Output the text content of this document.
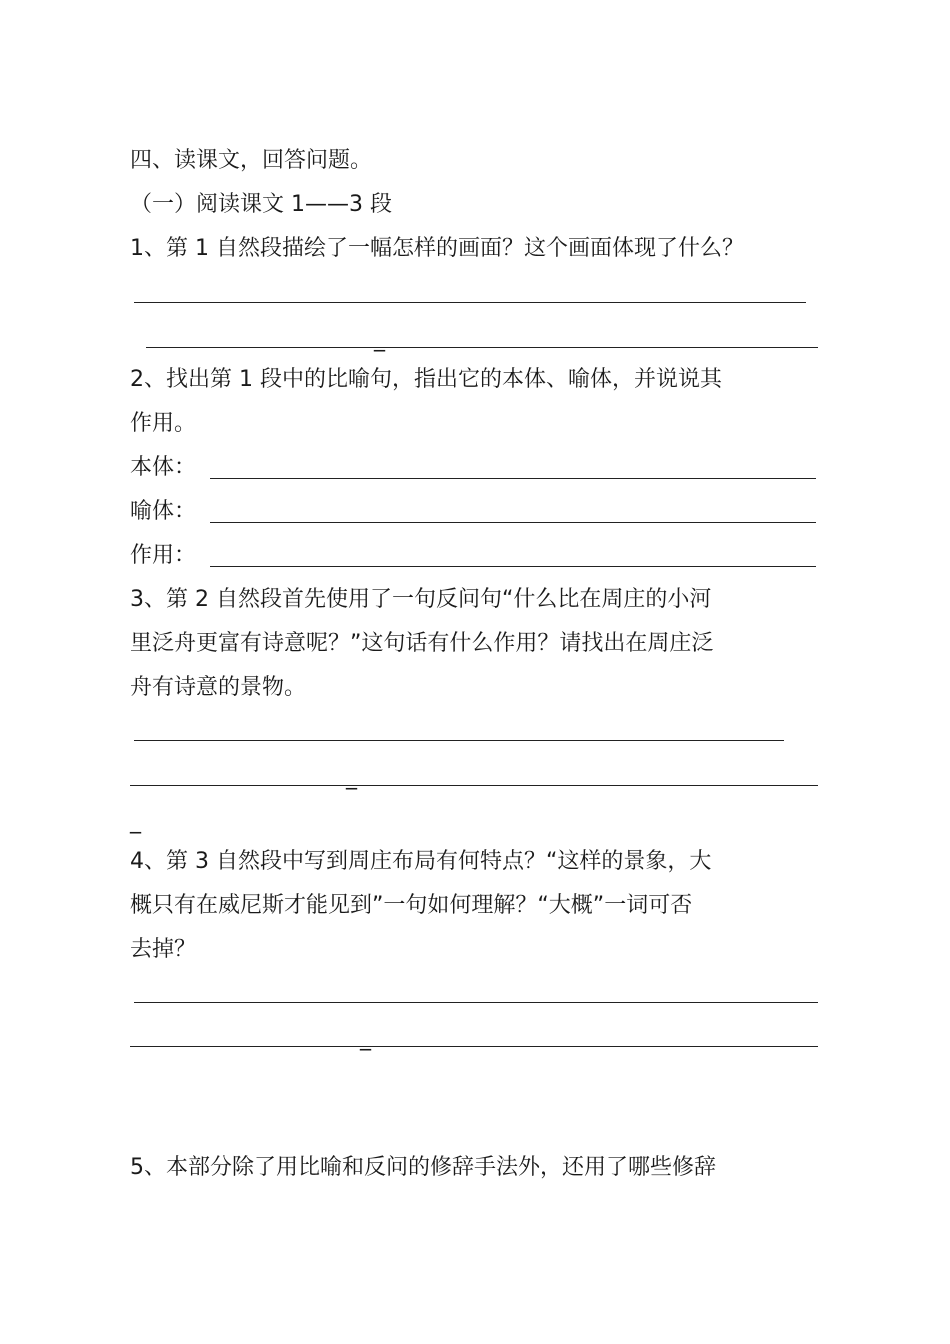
四、读课文，回答问题。
（一）阅读课文 1——3 段
1、第 1 自然段描绘了一幅怎样的画面？这个画面体现了什么？
_
2、找出第 1 段中的比喻句，指出它的本体、喻体，并说说其
作用。
本体：
喻体：
作用：
3、第 2 自然段首先使用了一句反问句“什么比在周庄的小河
里泛舟更富有诗意呢？”这句话有什么作用？请找出在周庄泛
舟有诗意的景物。
_
_
4、第 3 自然段中写到周庄布局有何特点？“这样的景象，大
概只有在威尼斯才能见到”一句如何理解？“大概”一词可否
去掉？
_
5、本部分除了用比喻和反问的修辞手法外，还用了哪些修辞
